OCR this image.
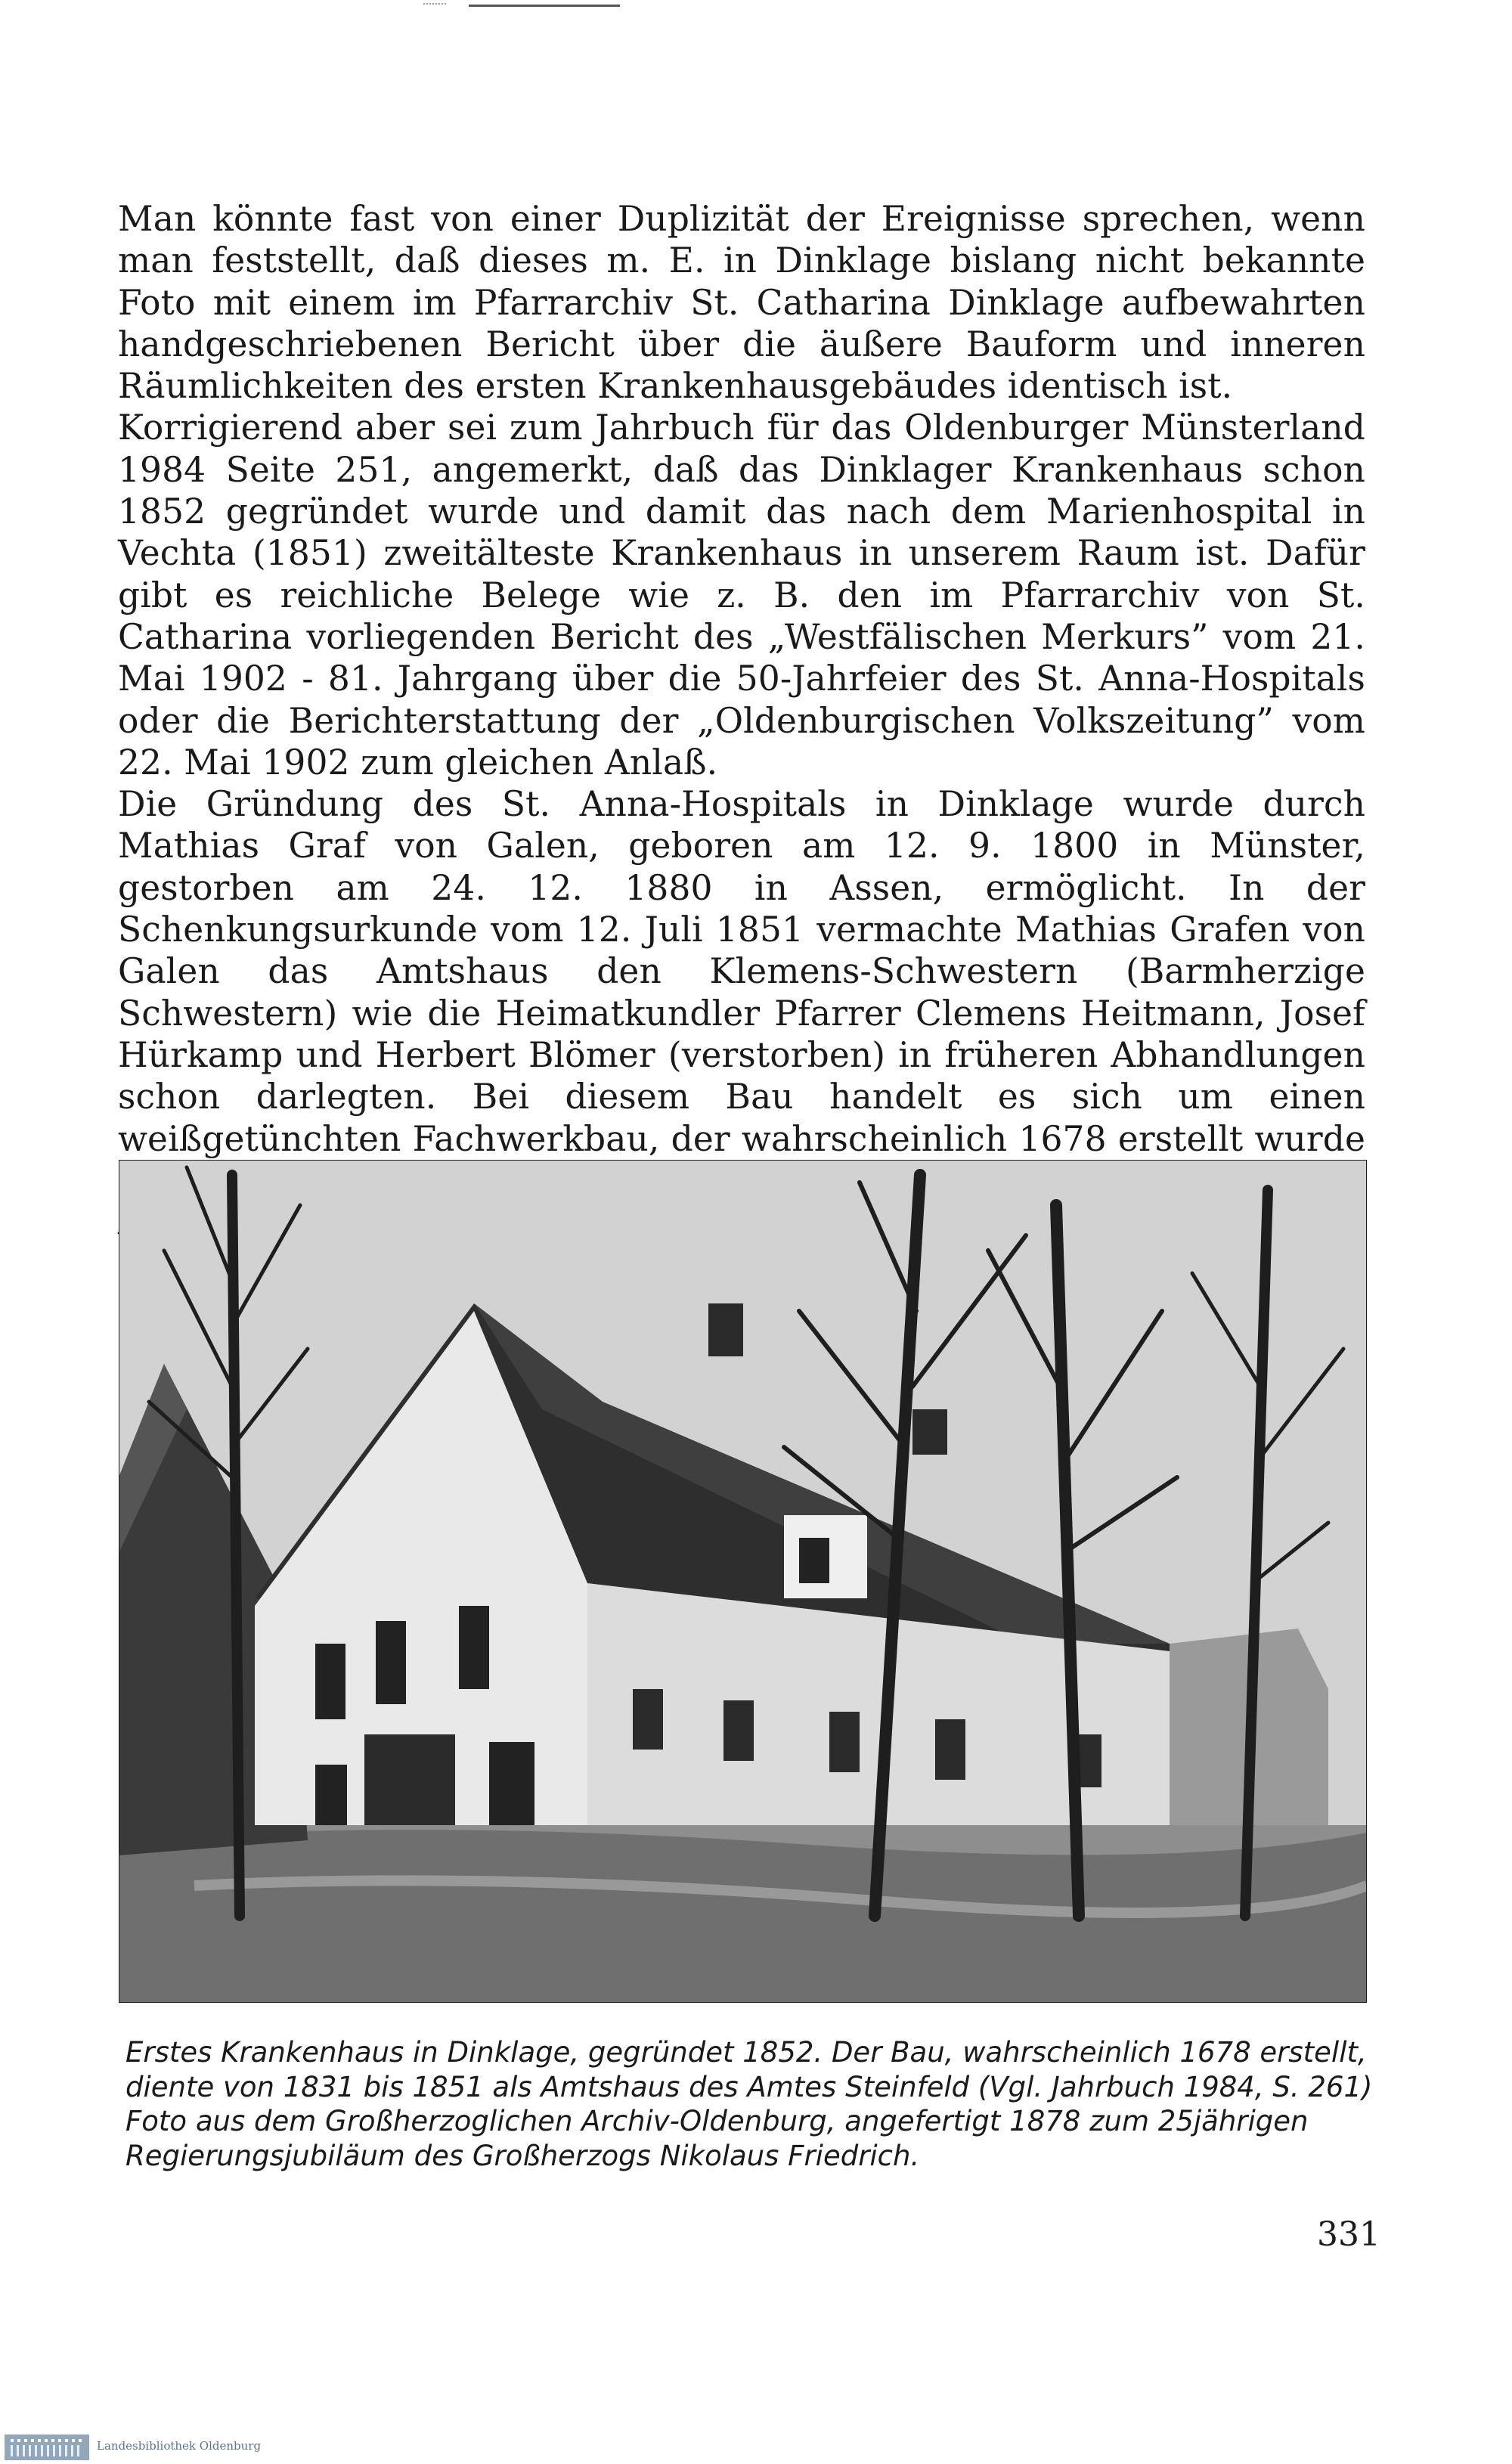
Man könnte fast von einer Duplizität der Ereignisse sprechen, wenn man feststellt, daß dieses m. E. in Dinklage bislang nicht bekannte Foto mit einem im Pfarrarchiv St. Catharina Dinklage aufbewahrten handgeschriebenen Bericht über die äußere Bauform und inneren Räumlichkeiten des ersten Krankenhausgebäudes identisch ist.

Korrigierend aber sei zum Jahrbuch für das Oldenburger Münsterland 1984 Seite 251, angemerkt, daß das Dinklager Krankenhaus schon 1852 gegründet wurde und damit das nach dem Marienhospital in Vechta (1851) zweitälteste Krankenhaus in unserem Raum ist. Dafür gibt es reichliche Belege wie z. B. den im Pfarrarchiv von St. Catharina vorliegenden Bericht des „Westfälischen Merkurs” vom 21. Mai 1902 - 81. Jahrgang über die 50-Jahrfeier des St. Anna-Hospitals oder die Berichterstattung der „Oldenburgischen Volkszeitung” vom 22. Mai 1902 zum gleichen Anlaß.

Die Gründung des St. Anna-Hospitals in Dinklage wurde durch Mathias Graf von Galen, geboren am 12. 9. 1800 in Münster, gestorben am 24. 12. 1880 in Assen, ermöglicht. In der Schenkungsurkunde vom 12. Juli 1851 vermachte Mathias Grafen von Galen das Amtshaus den Klemens-Schwestern (Barmherzige Schwestern) wie die Heimatkundler Pfarrer Clemens Heitmann, Josef Hürkamp und Herbert Blömer (verstorben) in früheren Abhandlungen schon darlegten. Bei diesem Bau handelt es sich um einen weißgetünchten Fachwerkbau, der wahrscheinlich 1678 erstellt wurde

Erstes Krankenhaus in Dinklage, gegründet 1852. Der Bau, wahrscheinlich 1678 erstellt,

diente von 1831 bis 1851 als Amtshaus des Amtes Steinfeld (Vgl. Jahrbuch 1984, S. 261)

Foto aus dem Großherzoglichen Archiv-Oldenburg, angefertigt 1878 zum 25jährigen

Regierungsjubiläum des Großherzogs Nikolaus Friedrich.

331
Landesbibliothek Oldenburg
